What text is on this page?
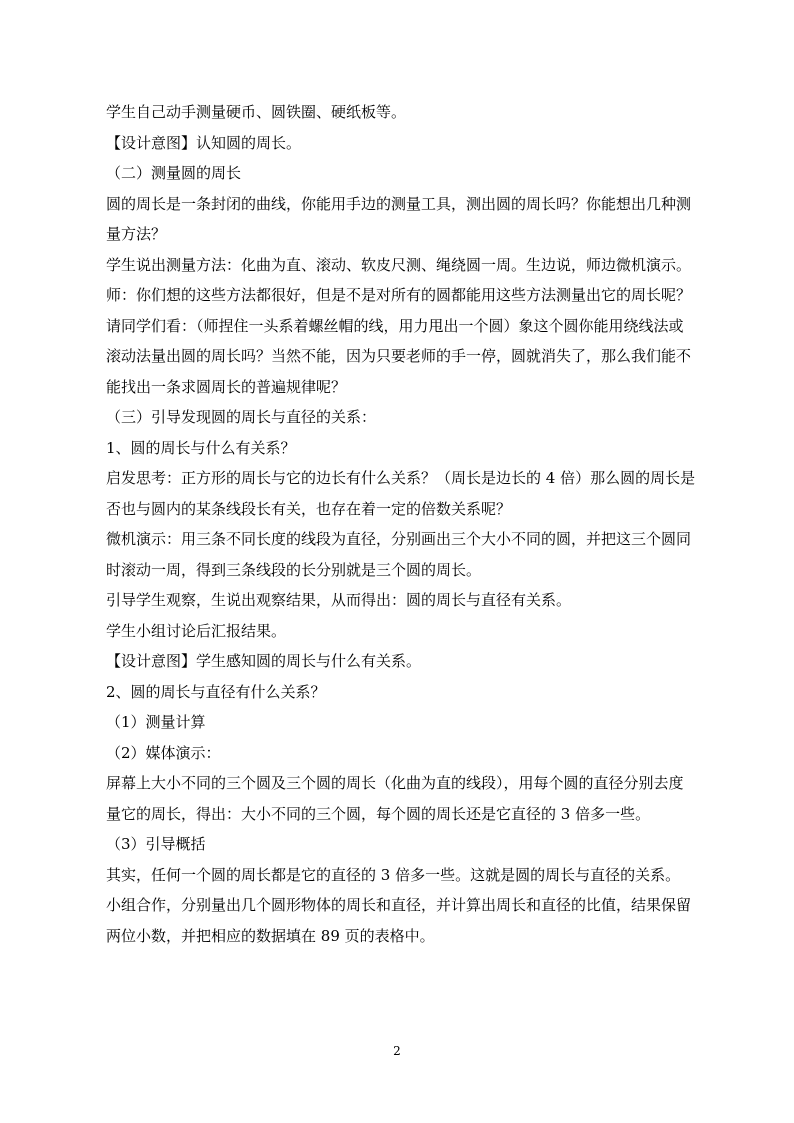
学生自己动手测量硬币、圆铁圈、硬纸板等。

【设计意图】认知圆的周长。

（二）测量圆的周长

圆的周长是一条封闭的曲线，你能用手边的测量工具，测出圆的周长吗？你能想出几种测量方法？

学生说出测量方法：化曲为直、滚动、软皮尺测、绳绕圆一周。生边说，师边微机演示。

师：你们想的这些方法都很好，但是不是对所有的圆都能用这些方法测量出它的周长呢？请同学们看：（师捏住一头系着螺丝帽的线，用力甩出一个圆）象这个圆你能用绕线法或滚动法量出圆的周长吗？当然不能，因为只要老师的手一停，圆就消失了，那么我们能不能找出一条求圆周长的普遍规律呢？

（三）引导发现圆的周长与直径的关系：

1、圆的周长与什么有关系？

启发思考：正方形的周长与它的边长有什么关系？（周长是边长的 4 倍）那么圆的周长是否也与圆内的某条线段长有关，也存在着一定的倍数关系呢？

微机演示：用三条不同长度的线段为直径，分别画出三个大小不同的圆，并把这三个圆同时滚动一周，得到三条线段的长分别就是三个圆的周长。

引导学生观察，生说出观察结果，从而得出：圆的周长与直径有关系。

学生小组讨论后汇报结果。

【设计意图】学生感知圆的周长与什么有关系。

2、圆的周长与直径有什么关系？

（1）测量计算

（2）媒体演示：

屏幕上大小不同的三个圆及三个圆的周长（化曲为直的线段），用每个圆的直径分别去度量它的周长，得出：大小不同的三个圆，每个圆的周长还是它直径的 3 倍多一些。

（3）引导概括

其实，任何一个圆的周长都是它的直径的 3 倍多一些。这就是圆的周长与直径的关系。

小组合作，分别量出几个圆形物体的周长和直径，并计算出周长和直径的比值，结果保留两位小数，并把相应的数据填在 89 页的表格中。

2
